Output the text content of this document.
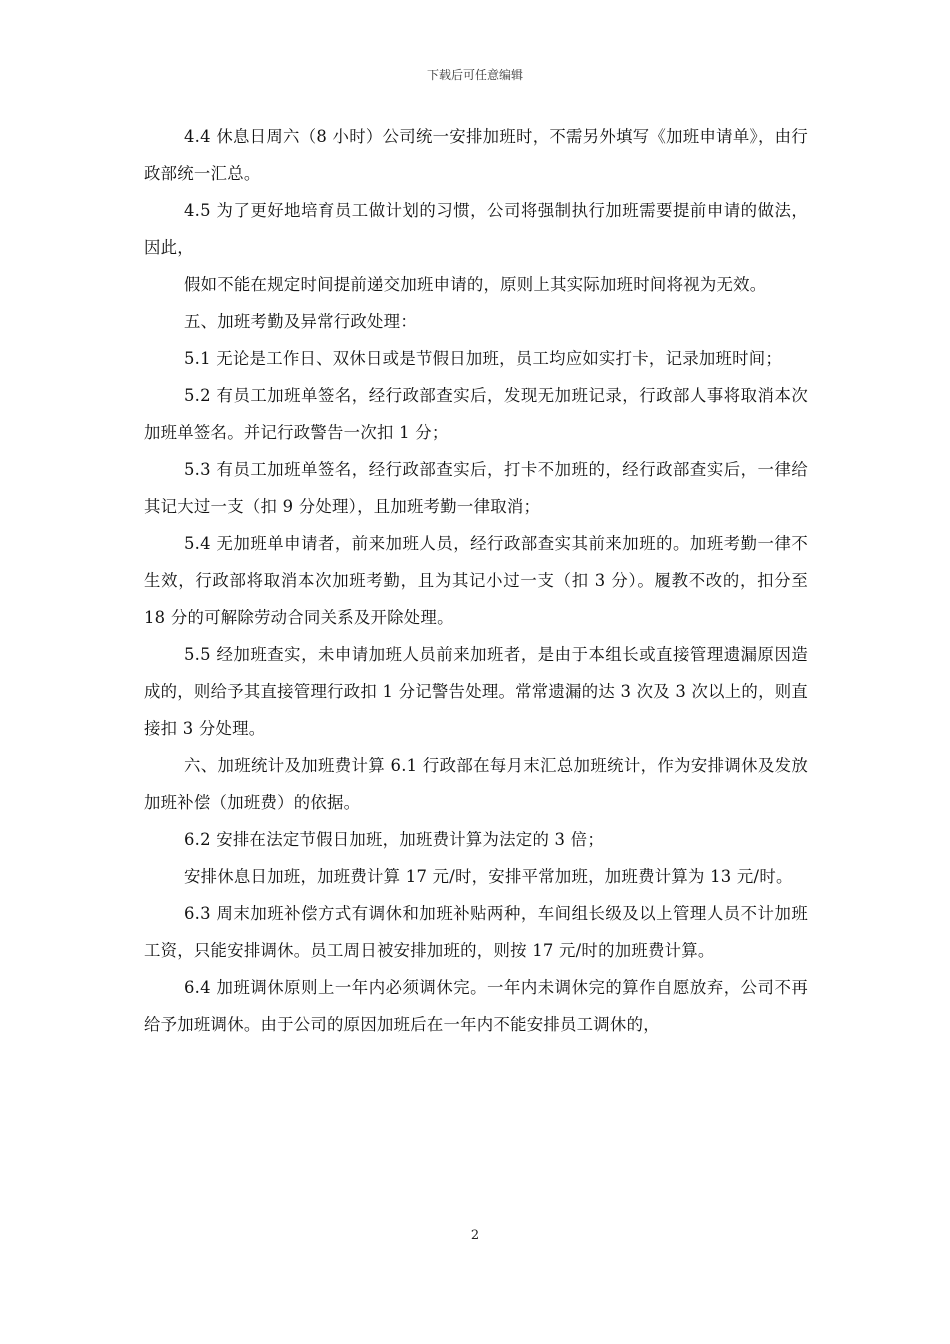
下载后可任意编辑

4.4 休息日周六（8 小时）公司统一安排加班时，不需另外填写《加班申请单》，由行政部统一汇总。

4.5 为了更好地培育员工做计划的习惯，公司将强制执行加班需要提前申请的做法，因此，

假如不能在规定时间提前递交加班申请的，原则上其实际加班时间将视为无效。

五、加班考勤及异常行政处理：

5.1 无论是工作日、双休日或是节假日加班，员工均应如实打卡，记录加班时间；

5.2 有员工加班单签名，经行政部查实后，发现无加班记录，行政部人事将取消本次加班单签名。并记行政警告一次扣 1 分；

5.3 有员工加班单签名，经行政部查实后，打卡不加班的，经行政部查实后，一律给其记大过一支（扣 9 分处理），且加班考勤一律取消；

5.4 无加班单申请者，前来加班人员，经行政部查实其前来加班的。加班考勤一律不生效，行政部将取消本次加班考勤，且为其记小过一支（扣 3 分）。履教不改的，扣分至 18 分的可解除劳动合同关系及开除处理。

5.5 经加班查实，未申请加班人员前来加班者，是由于本组长或直接管理遗漏原因造成的，则给予其直接管理行政扣 1 分记警告处理。常常遗漏的达 3 次及 3 次以上的，则直接扣 3 分处理。

六、加班统计及加班费计算 6.1 行政部在每月末汇总加班统计，作为安排调休及发放加班补偿（加班费）的依据。

6.2 安排在法定节假日加班，加班费计算为法定的 3 倍；

安排休息日加班，加班费计算 17 元/时，安排平常加班，加班费计算为 13 元/时。

6.3 周末加班补偿方式有调休和加班补贴两种，车间组长级及以上管理人员不计加班工资，只能安排调休。员工周日被安排加班的，则按 17 元/时的加班费计算。

6.4 加班调休原则上一年内必须调休完。一年内未调休完的算作自愿放弃，公司不再给予加班调休。由于公司的原因加班后在一年内不能安排员工调休的，

2
